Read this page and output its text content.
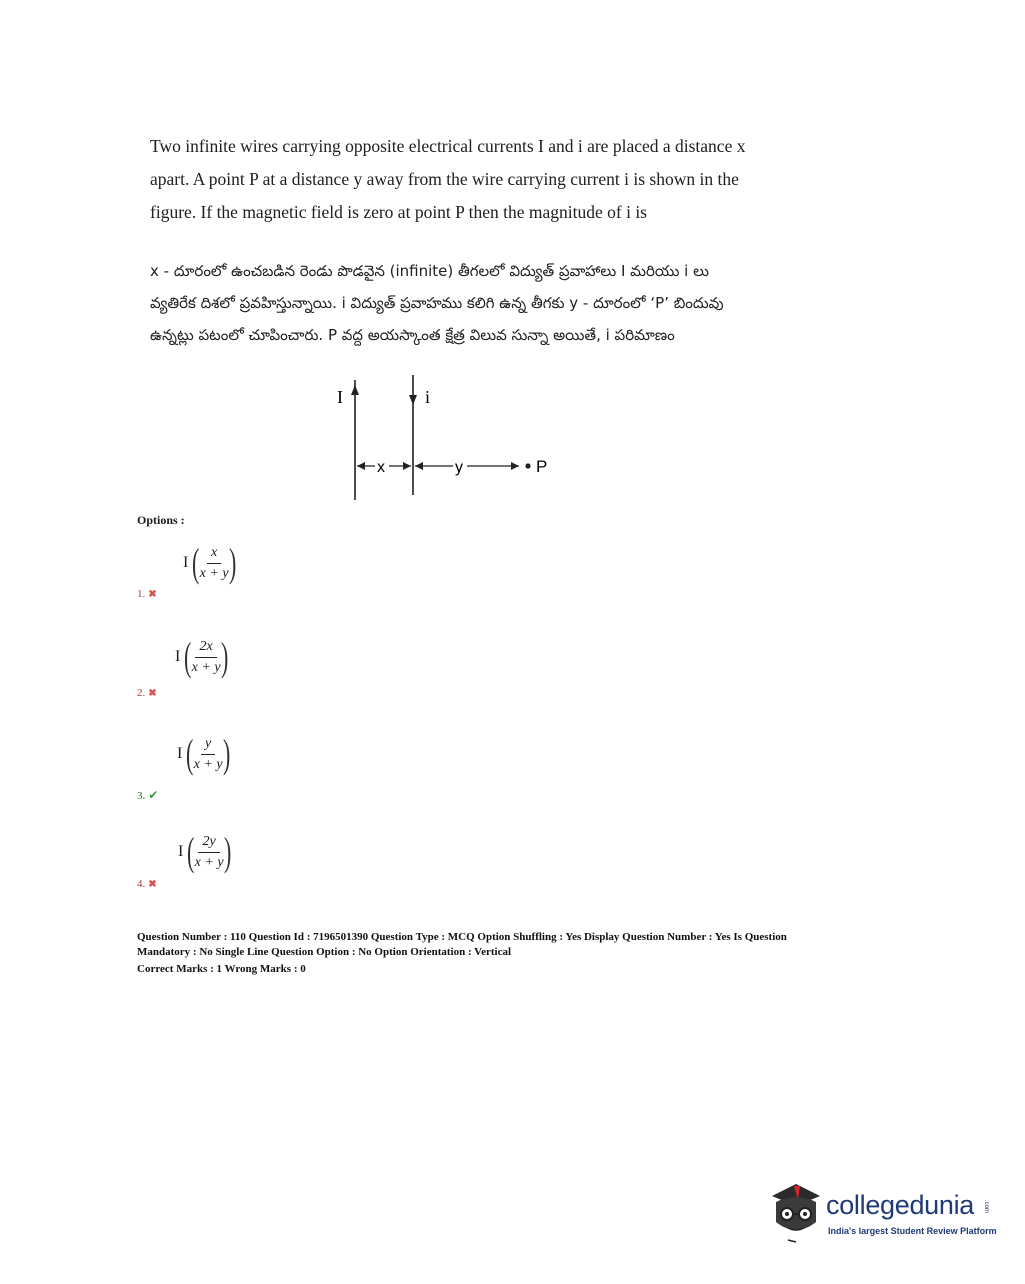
Two infinite wires carrying opposite electrical currents I and i are placed a distance x
apart. A point P at a distance y away from the wire carrying current i is shown in the
figure. If the magnetic field is zero at point P then the magnitude of i is
x - దూరంలో ఉంచబడిన రెండు పొడవైన (infinite) తీగలలో విద్యుత్ ప్రవాహాలు I మరియు i లు
వ్యతిరేక దిశలో ప్రవహిస్తున్నాయి. i విద్యుత్ ప్రవాహము కలిగి ఉన్న తీగకు y - దూరంలో ‘P’ బిందువు
ఉన్నట్లు పటంలో చూపించారు. P వద్ద అయస్కాంత క్షేత్ర విలువ సున్నా అయితే, i పరిమాణం
I	i
x	y	P
Options :
I ( $\frac{x}{x + y}$ )
1. ✖
I ( $\frac{2x}{x + y}$ )
2. ✖
I ( $\frac{y}{x + y}$ )
3. ✔
I ( $\frac{2y}{x + y}$ )
4. ✖
Question Number : 110 Question Id : 7196501390 Question Type : MCQ Option Shuffling : Yes Display Question Number : Yes Is Question
Mandatory : No Single Line Question Option : No Option Orientation : Vertical
Correct Marks : 1 Wrong Marks : 0
collegedunia .com
India's largest Student Review Platform
